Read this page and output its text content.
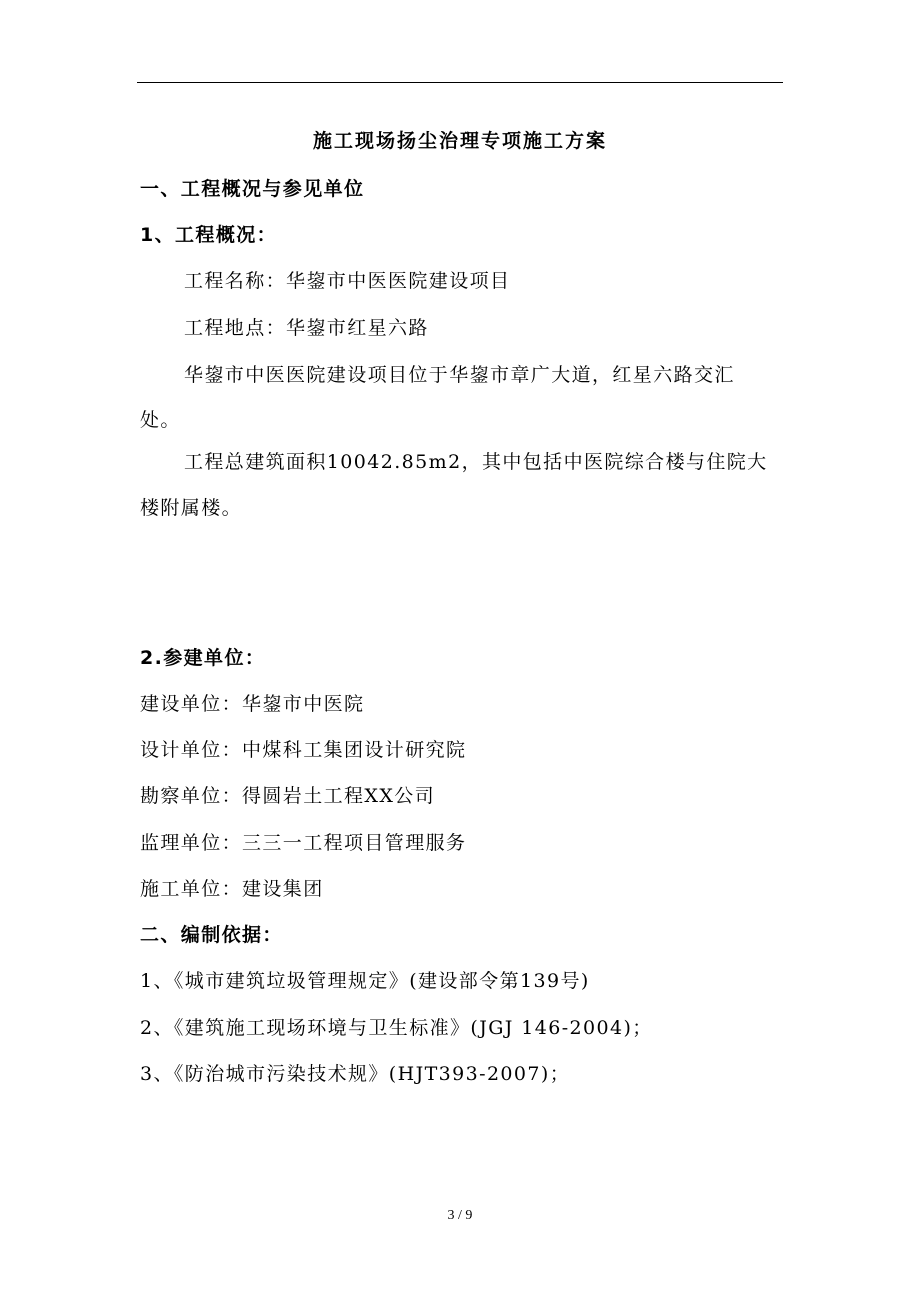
施工现场扬尘治理专项施工方案
一、工程概况与参见单位
1、工程概况：
工程名称：华鋆市中医医院建设项目
工程地点：华鋆市红星六路
华鋆市中医医院建设项目位于华鋆市章广大道，红星六路交汇
处。
工程总建筑面积10042.85m2，其中包括中医院综合楼与住院大
楼附属楼。
2.参建单位：
建设单位：华鋆市中医院
设计单位：中煤科工集团设计研究院
勘察单位：得圆岩土工程XX公司
监理单位：三三一工程项目管理服务
施工单位：建设集团
二、编制依据：
1、《城市建筑垃圾管理规定》(建设部令第139号)
2、《建筑施工现场环境与卫生标准》(JGJ 146-2004)；
3、《防治城市污染技术规》(HJT393-2007)；
3 / 9
